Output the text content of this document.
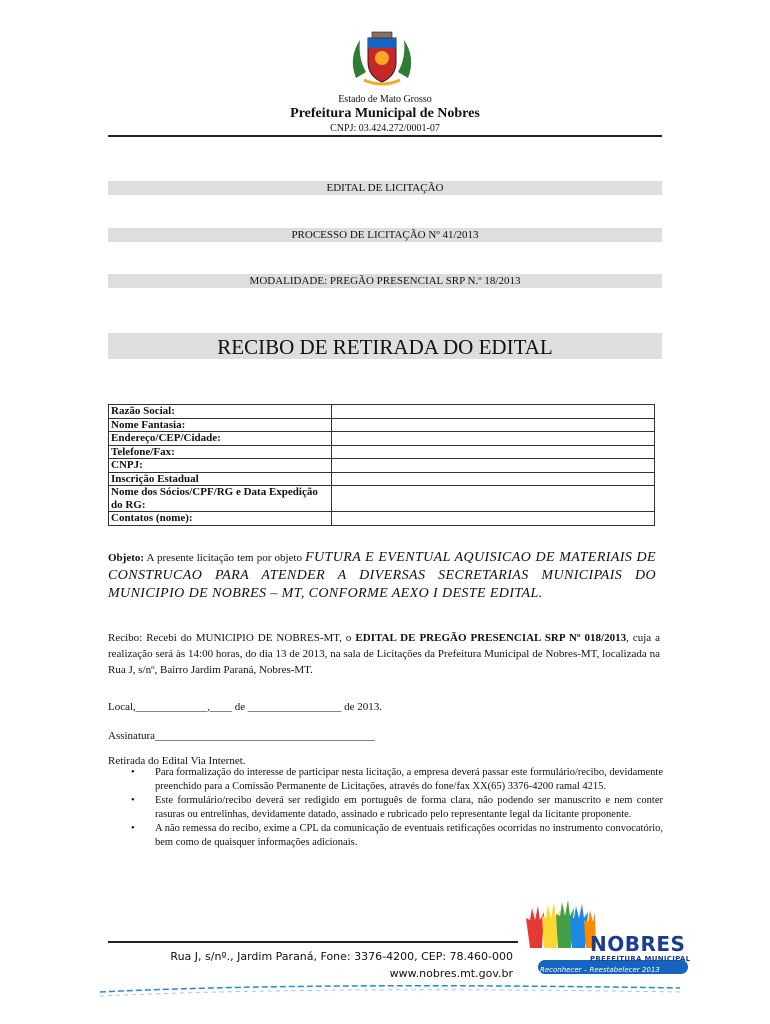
Estado de Mato Grosso
Prefeitura Municipal de Nobres
CNPJ: 03.424.272/0001-07
EDITAL DE LICITAÇÃO
PROCESSO DE LICITAÇÃO Nº 41/2013
MODALIDADE: PREGÃO PRESENCIAL SRP N.º 18/2013
RECIBO DE RETIRADA DO EDITAL
Razão Social:	
Nome Fantasia:	
Endereço/CEP/Cidade:	
Telefone/Fax:	
CNPJ:	
Inscrição Estadual	
Nome dos Sócios/CPF/RG e Data Expedição do RG:	
Contatos (nome):	
Objeto: A presente licitação tem por objeto FUTURA E EVENTUAL AQUISICAO DE MATERIAIS DE CONSTRUCAO PARA ATENDER A DIVERSAS SECRETARIAS MUNICIPAIS DO MUNICIPIO DE NOBRES – MT, CONFORME AEXO I DESTE EDITAL.
Recibo: Recebi do MUNICIPIO DE NOBRES-MT, o EDITAL DE PREGÃO PRESENCIAL SRP Nº 018/2013, cuja a realização será às 14:00 horas, do dia 13 de 2013, na sala de Licitações da Prefeitura Municipal de Nobres-MT, localizada na Rua J, s/nº, Bairro Jardim Paraná, Nobres-MT.
Local,_____________,____ de _________________ de 2013.
Assinatura________________________________________
Retirada do Edital Via Internet.
• Para formalização do interesse de participar nesta licitação, a empresa deverá passar este formulário/recibo, devidamente preenchido para a Comissão Permanente de Licitações, através do fone/fax XX(65) 3376-4200 ramal 4215.
• Este formulário/recibo deverá ser redigido em português de forma clara, não podendo ser manuscrito e nem conter rasuras ou entrelinhas, devidamente datado, assinado e rubricado pelo representante legal da licitante proponente.
• A não remessa do recibo, exime a CPL da comunicação de eventuais retificações ocorridas no instrumento convocatório, bem como de quaisquer informações adicionais.
Rua J, s/nº., Jardim Paraná, Fone: 3376-4200, CEP: 78.460-000
www.nobres.mt.gov.br
NOBRES
PREFEITURA MUNICIPAL
Reconhecer – Reestabelecer 2013
